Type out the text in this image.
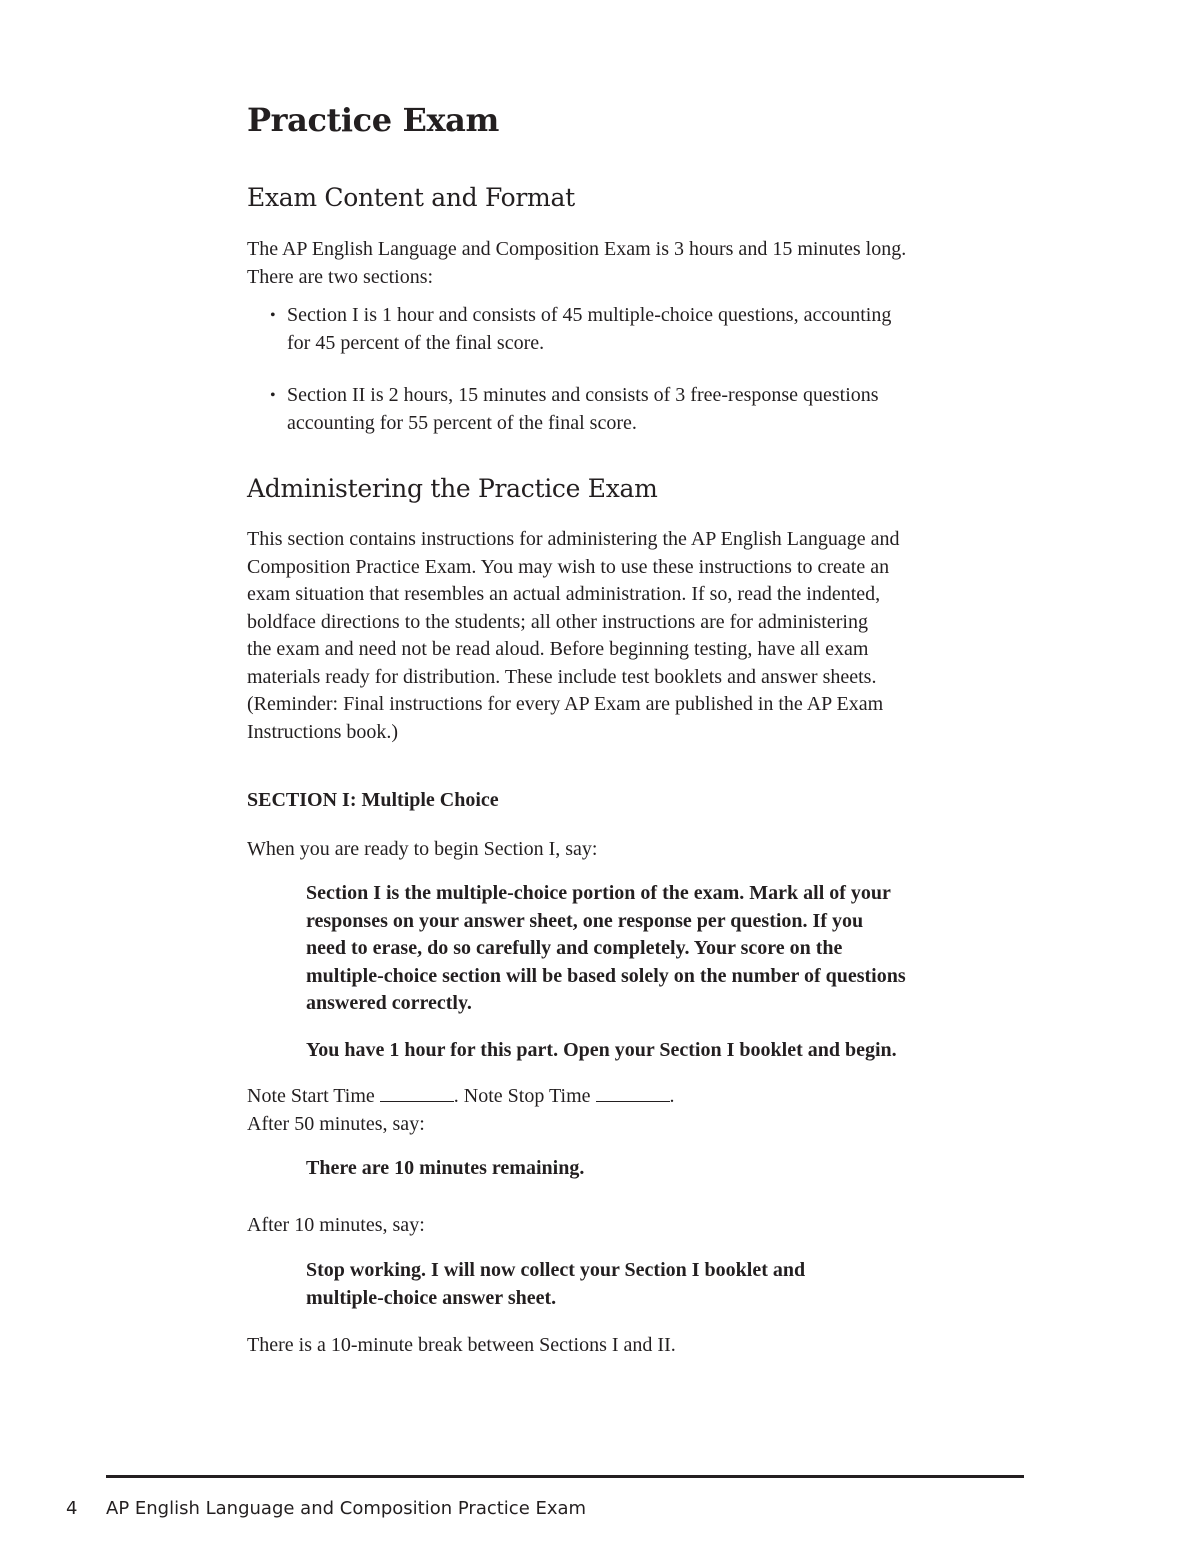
Practice Exam
Exam Content and Format

The AP English Language and Composition Exam is 3 hours and 15 minutes long.
There are two sections:

• Section I is 1 hour and consists of 45 multiple-choice questions, accounting
for 45 percent of the final score.
• Section II is 2 hours, 15 minutes and consists of 3 free-response questions
accounting for 55 percent of the final score.
Administering the Practice Exam

This section contains instructions for administering the AP English Language and
Composition Practice Exam. You may wish to use these instructions to create an
exam situation that resembles an actual administration. If so, read the indented,
boldface directions to the students; all other instructions are for administering
the exam and need not be read aloud. Before beginning testing, have all exam
materials ready for distribution. These include test booklets and answer sheets.
(Reminder: Final instructions for every AP Exam are published in the AP Exam
Instructions book.)

SECTION I: Multiple Choice

When you are ready to begin Section I, say:

Section I is the multiple-choice portion of the exam. Mark all of your
responses on your answer sheet, one response per question. If you
need to erase, do so carefully and completely. Your score on the
multiple-choice section will be based solely on the number of questions
answered correctly.

You have 1 hour for this part. Open your Section I booklet and begin.

Note Start Time	. Note Stop Time	.
After 50 minutes, say:

There are 10 minutes remaining.

After 10 minutes, say:

Stop working. I will now collect your Section I booklet and
multiple-choice answer sheet.

There is a 10-minute break between Sections I and II.

4 AP English Language and Composition Practice Exam
